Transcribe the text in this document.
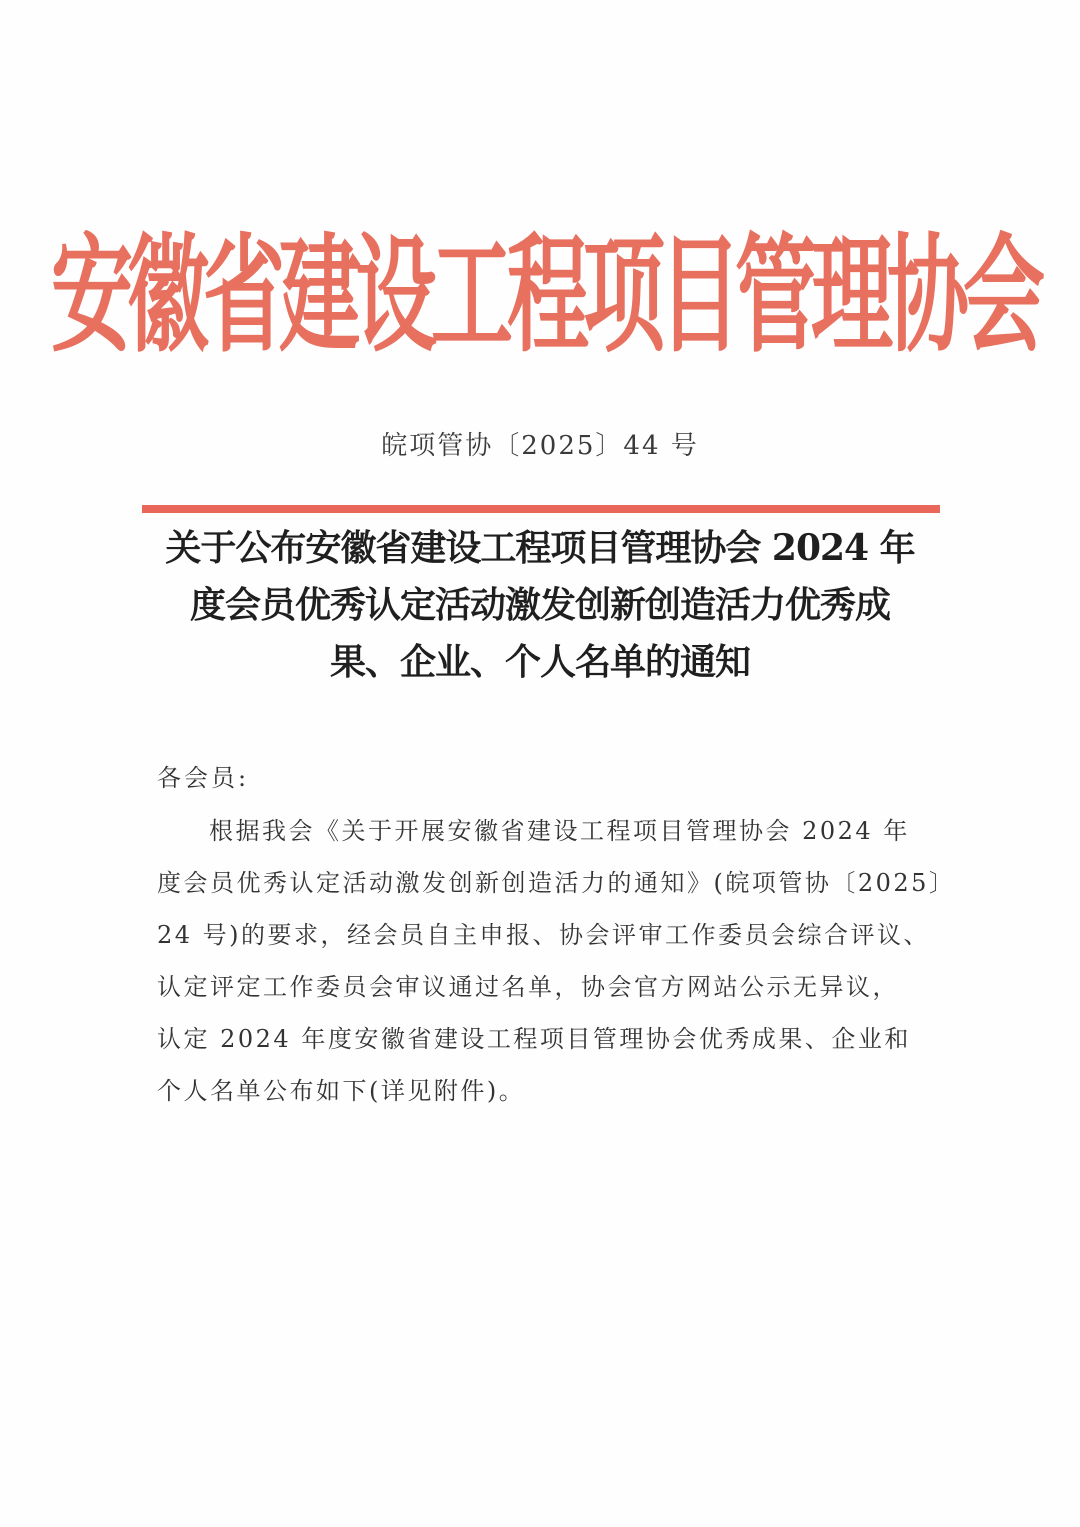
安徽省建设工程项目管理协会
皖项管协〔2025〕44 号
关于公布安徽省建设工程项目管理协会 2024 年
度会员优秀认定活动激发创新创造活力优秀成
果、企业、个人名单的通知
各会员:
根据我会《关于开展安徽省建设工程项目管理协会 2024 年
度会员优秀认定活动激发创新创造活力的通知》(皖项管协〔2025〕
24 号)的要求，经会员自主申报、协会评审工作委员会综合评议、
认定评定工作委员会审议通过名单，协会官方网站公示无异议，
认定 2024 年度安徽省建设工程项目管理协会优秀成果、企业和
个人名单公布如下(详见附件)。
